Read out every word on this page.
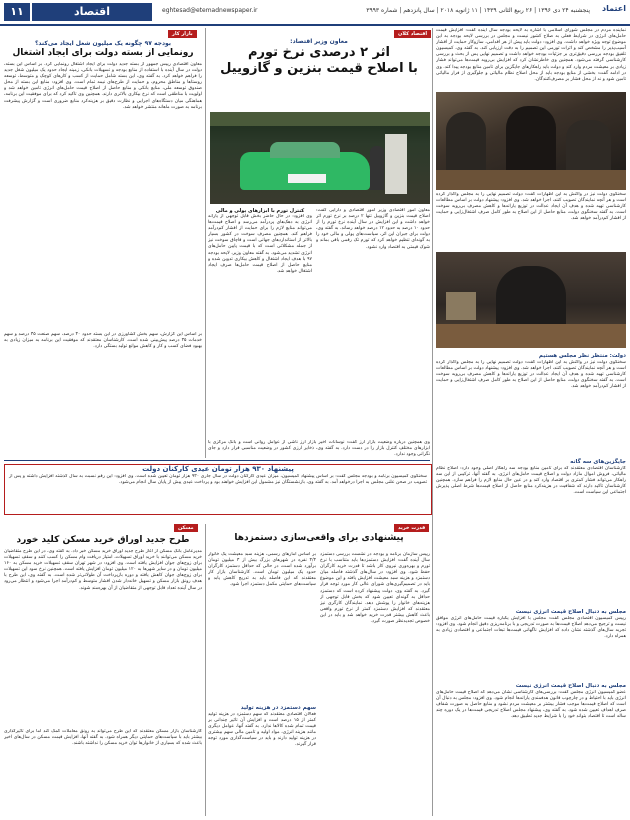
۱۱	اقتصاد	eghtesad@etemadnewspaper.ir	پنجشنبه ۲۴ دی ۱۳۹۶ | ۲۶ ربیع الثانی ۱۴۳۹ | ۱۱ ژانویه ۲۰۱۸ | سال پانزدهم | شماره ۳۹۹۳ اعتماد

نماینده مردم در مجلس شورای اسلامی با اشاره به لایحه بودجه سال آینده گفت: افزایش قیمت حامل‌های انرژی در شرایط فعلی به صلاح کشور نیست و مجلس در بررسی لایحه بودجه به این موضوع توجه ویژه خواهد داشت. وی افزود: دولت باید پیش از هر اقدامی، سازوکار حمایت از اقشار آسیب‌پذیر را مشخص کند و اثرات تورمی این تصمیم را به دقت ارزیابی کند. به گفته وی، کمیسیون تلفیق بودجه بررسی دقیق‌تری بر جزئیات بودجه خواهد داشت و تصمیم نهایی پس از بحث و بررسی کارشناسی گرفته می‌شود. همچنین وی خاطرنشان کرد که افزایش بی‌رویه قیمت‌ها می‌تواند فشار زیادی بر معیشت مردم وارد کند و دولت باید راهکارهای جایگزین برای تامین منابع بودجه پیدا کند. وی در ادامه گفت: بخشی از منابع بودجه باید از محل اصلاح نظام مالیاتی و جلوگیری از فرار مالیاتی تامین شود و نه از محل فشار بر مصرف‌کنندگان.

سخنگوی دولت نیز در واکنش به این اظهارات گفت: دولت تصمیم نهایی را به مجلس واگذار کرده است و هر آنچه نمایندگان تصویب کنند، اجرا خواهد شد. وی افزود: پیشنهاد دولت بر اساس مطالعات کارشناسی تهیه شده و هدف آن ایجاد عدالت در توزیع یارانه‌ها و کاهش مصرف بی‌رویه سوخت است. به گفته سخنگوی دولت، منابع حاصل از این اصلاح به طور کامل صرف اشتغال‌زایی و حمایت از اقشار کم‌درآمد خواهد شد.

دولت: منتظر نظر مجلس هستیم

سخنگوی دولت نیز در واکنش به این اظهارات گفت: دولت تصمیم نهایی را به مجلس واگذار کرده است و هر آنچه نمایندگان تصویب کنند، اجرا خواهد شد. وی افزود: پیشنهاد دولت بر اساس مطالعات کارشناسی تهیه شده و هدف آن ایجاد عدالت در توزیع یارانه‌ها و کاهش مصرف بی‌رویه سوخت است. به گفته سخنگوی دولت، منابع حاصل از این اصلاح به طور کامل صرف اشتغال‌زایی و حمایت از اقشار کم‌درآمد خواهد شد.

جایگزین‌های سه گانه

کارشناسان اقتصادی معتقدند که برای تامین منابع بودجه سه راهکار اصلی وجود دارد: اصلاح نظام مالیاتی، فروش اموال مازاد دولت و اصلاح قیمت حامل‌های انرژی. به گفته آنها، ترکیبی از این سه راهکار می‌تواند فشار کمتری بر اقتصاد وارد کند و در عین حال منابع لازم را فراهم سازد. همچنین کارشناسان تاکید دارند که شفافیت در هزینه‌کرد منابع حاصل از اصلاح قیمت‌ها شرط اصلی پذیرش اجتماعی این سیاست است.

مجلس به دنبال اصلاح قیمت انرژی نیست

رییس کمیسیون اقتصادی مجلس گفت: مجلس با افزایش یکباره قیمت حامل‌های انرژی موافق نیست و ترجیح می‌دهد اصلاح قیمت‌ها به صورت تدریجی و با برنامه‌ریزی دقیق انجام شود. وی افزود: تجربه سال‌های گذشته نشان داده که افزایش ناگهانی قیمت‌ها تبعات اجتماعی و اقتصادی زیادی به همراه دارد.

مجلس به دنبال اصلاح قیمت انرژی نیست

عضو کمیسیون انرژی مجلس گفت: بررسی‌های کارشناسی نشان می‌دهد که اصلاح قیمت حامل‌های انرژی باید با احتیاط و در چارچوب قانون هدفمندی یارانه‌ها انجام شود. وی افزود: مجلس به دنبال آن است که اصلاح قیمت‌ها موجب فشار بیشتر بر معیشت مردم نشود و منابع حاصل به صورت شفاف صرف اهداف تعیین شده شود. به گفته وی، پیشنهاد مجلس اصلاح تدریجی قیمت‌ها در یک دوره چند ساله است تا اقتصاد بتواند خود را با شرایط جدید تطبیق دهد.

اقتصاد کلان
معاون وزیر اقتصاد:
اثر ۲ درصدی نرخ تورم
با اصلاح قیمت بنزین و گازوییل

معاون امور اقتصادی وزیر امور اقتصادی و دارایی گفت: اصلاح قیمت بنزین و گازوییل تنها ۲ درصد بر نرخ تورم اثر خواهد داشت و این افزایش در سال آینده نرخ تورم را از حدود ۱۰ درصد به حدود ۱۲ درصد خواهد رساند. به گفته وی، دولت برای جبران این اثر، سیاست‌های پولی و مالی خود را به گونه‌ای تنظیم خواهد کرد که تورم تک رقمی باقی بماند و شوک قیمتی به اقتصاد وارد نشود.

کنترل تورم با ابزارهای پولی و مالی

وی افزود: در حال حاضر بخش قابل توجهی از یارانه انرژی به دهک‌های پردرآمد می‌رسد و اصلاح قیمت‌ها می‌تواند منابع لازم را برای حمایت از اقشار کم‌درآمد فراهم کند. همچنین مصرف سوخت در کشور بسیار بالاتر از استانداردهای جهانی است و قاچاق سوخت نیز از جمله مشکلاتی است که با قیمت پایین حامل‌های انرژی تشدید می‌شود. به گفته معاون وزیر، لایحه بودجه ۹۷ با هدف ایجاد اشتغال و کاهش بیکاری تدوین شده و منابع حاصل از اصلاح قیمت حامل‌ها صرف ایجاد اشتغال خواهد شد.

وی همچنین درباره وضعیت بازار ارز گفت: نوسانات اخیر بازار ارز ناشی از عوامل روانی است و بانک مرکزی با ابزارهای مختلف کنترل بازار را در دست دارد. به گفته وی، ذخایر ارزی کشور در وضعیت مناسبی قرار دارد و جای نگرانی وجود ندارد.

بازار کار
بودجه ۹۷ چگونه یک میلیون شغل ایجاد می‌کند؟
رونمایی از بسته دولت برای ایجاد اشتغال

معاون اقتصادی رییس جمهور از بسته جدید دولت برای ایجاد اشتغال رونمایی کرد. بر اساس این بسته، دولت در سال آینده با استفاده از منابع بودجه و تسهیلات بانکی، زمینه ایجاد حدود یک میلیون شغل جدید را فراهم خواهد کرد. به گفته وی، این بسته شامل حمایت از کسب و کارهای کوچک و متوسط، توسعه روستاها و مناطق محروم، و حمایت از طرح‌های نیمه تمام است. وی افزود: منابع این بسته از محل صندوق توسعه ملی، منابع بانکی و منابع حاصل از اصلاح قیمت حامل‌های انرژی تامین خواهد شد و اولویت با مناطقی است که نرخ بیکاری بالاتری دارند. همچنین وی تاکید کرد که برای موفقیت این برنامه، هماهنگی میان دستگاه‌های اجرایی و نظارت دقیق بر هزینه‌کرد منابع ضروری است و گزارش پیشرفت برنامه به صورت ماهانه منتشر خواهد شد.

بر اساس این گزارش، سهم بخش کشاورزی در این بسته حدود ۳۰ درصد، سهم صنعت ۳۵ درصد و سهم خدمات ۳۵ درصد پیش‌بینی شده است. کارشناسان معتقدند که موفقیت این برنامه به میزان زیادی به بهبود فضای کسب و کار و کاهش موانع تولید بستگی دارد.

پیشنهاد ۹۳۰ هزار تومان عیدی کارکنان دولت

سخنگوی کمیسیون برنامه و بودجه مجلس گفت: بر اساس پیشنهاد کمیسیون، میزان عیدی کارکنان دولت در سال جاری ۹۳۰ هزار تومان تعیین شده است. وی افزود: این رقم نسبت به سال گذشته افزایش داشته و پس از تصویب در صحن علنی مجلس به اجرا درخواهد آمد. به گفته وی، بازنشستگان نیز مشمول این افزایش خواهند بود و پرداخت عیدی پیش از پایان سال انجام می‌شود.

قدرت خرید
پیشنهادی برای واقعی‌سازی دستمزدها

رییس سازمان برنامه و بودجه در نشست بررسی دستمزد سال آینده گفت: افزایش دستمزدها باید متناسب با نرخ تورم و بهره‌وری نیروی کار باشد تا قدرت خرید کارگران حفظ شود. وی افزود: در سال‌های گذشته فاصله میان دستمزد و هزینه سبد معیشت افزایش یافته و این موضوع باید در تصمیم‌گیری‌های شورای عالی کار مورد توجه قرار گیرد. به گفته وی، دولت پیشنهاد کرده است که دستمزد حداقل به گونه‌ای تعیین شود که بخش قابل توجهی از هزینه‌های خانوار را پوشش دهد. نمایندگان کارگری نیز معتقدند که افزایش دستمزد کمتر از نرخ تورم واقعی باعث کاهش بیشتر قدرت خرید خواهد شد و باید در این خصوص تجدیدنظر صورت گیرد.

بر اساس آمارهای رسمی، هزینه سبد معیشت یک خانوار ۳/۳ نفره در شهرهای بزرگ بیش از ۳ میلیون تومان برآورد شده است، در حالی که حداقل دستمزد کارگران حدود یک میلیون تومان است. کارشناسان بازار کار معتقدند که این فاصله باید به تدریج کاهش یابد و سیاست‌های حمایتی مکمل دستمزد اجرا شود.

سهم دستمزد در هزینه تولید

فعالان اقتصادی معتقدند که سهم دستمزد در هزینه تولید کمتر از ۱۵ درصد است و افزایش آن تاثیر چندانی بر قیمت تمام شده کالاها ندارد. به گفته آنها، عوامل دیگری مانند هزینه انرژی، مواد اولیه و تامین مالی سهم بیشتری در هزینه تولید دارند و باید در سیاست‌گذاری مورد توجه قرار گیرند.

مسکن
طرح جدید اوراق خرید مسکن کلید خورد

مدیرعامل بانک مسکن از آغاز طرح جدید اوراق خرید مسکن خبر داد. به گفته وی، در این طرح متقاضیان خرید مسکن می‌توانند با خرید اوراق تسهیلات، امتیاز دریافت وام مسکن را کسب کنند و سقف تسهیلات برای زوج‌های جوان افزایش یافته است. وی افزود: در شهر تهران سقف تسهیلات خرید مسکن به ۱۶۰ میلیون تومان و در سایر شهرها به ۱۲۰ میلیون تومان افزایش یافته است. همچنین نرخ سود این تسهیلات برای زوج‌های جوان کاهش یافته و دوره بازپرداخت آن طولانی‌تر شده است. به گفته وی، این طرح با هدف رونق بازار مسکن و تسهیل خانه‌دار شدن اقشار متوسط و کم‌درآمد اجرا می‌شود و انتظار می‌رود در سال آینده تعداد قابل توجهی از متقاضیان از آن بهره‌مند شوند.

کارشناسان بازار مسکن معتقدند که این طرح می‌تواند به رونق معاملات کمک کند اما برای تاثیرگذاری بیشتر باید با سیاست‌های حمایتی دیگر همراه شود. به گفته آنها، افزایش قیمت مسکن در سال‌های اخیر باعث شده که بسیاری از خانوارها توان خرید مسکن را نداشته باشند.
